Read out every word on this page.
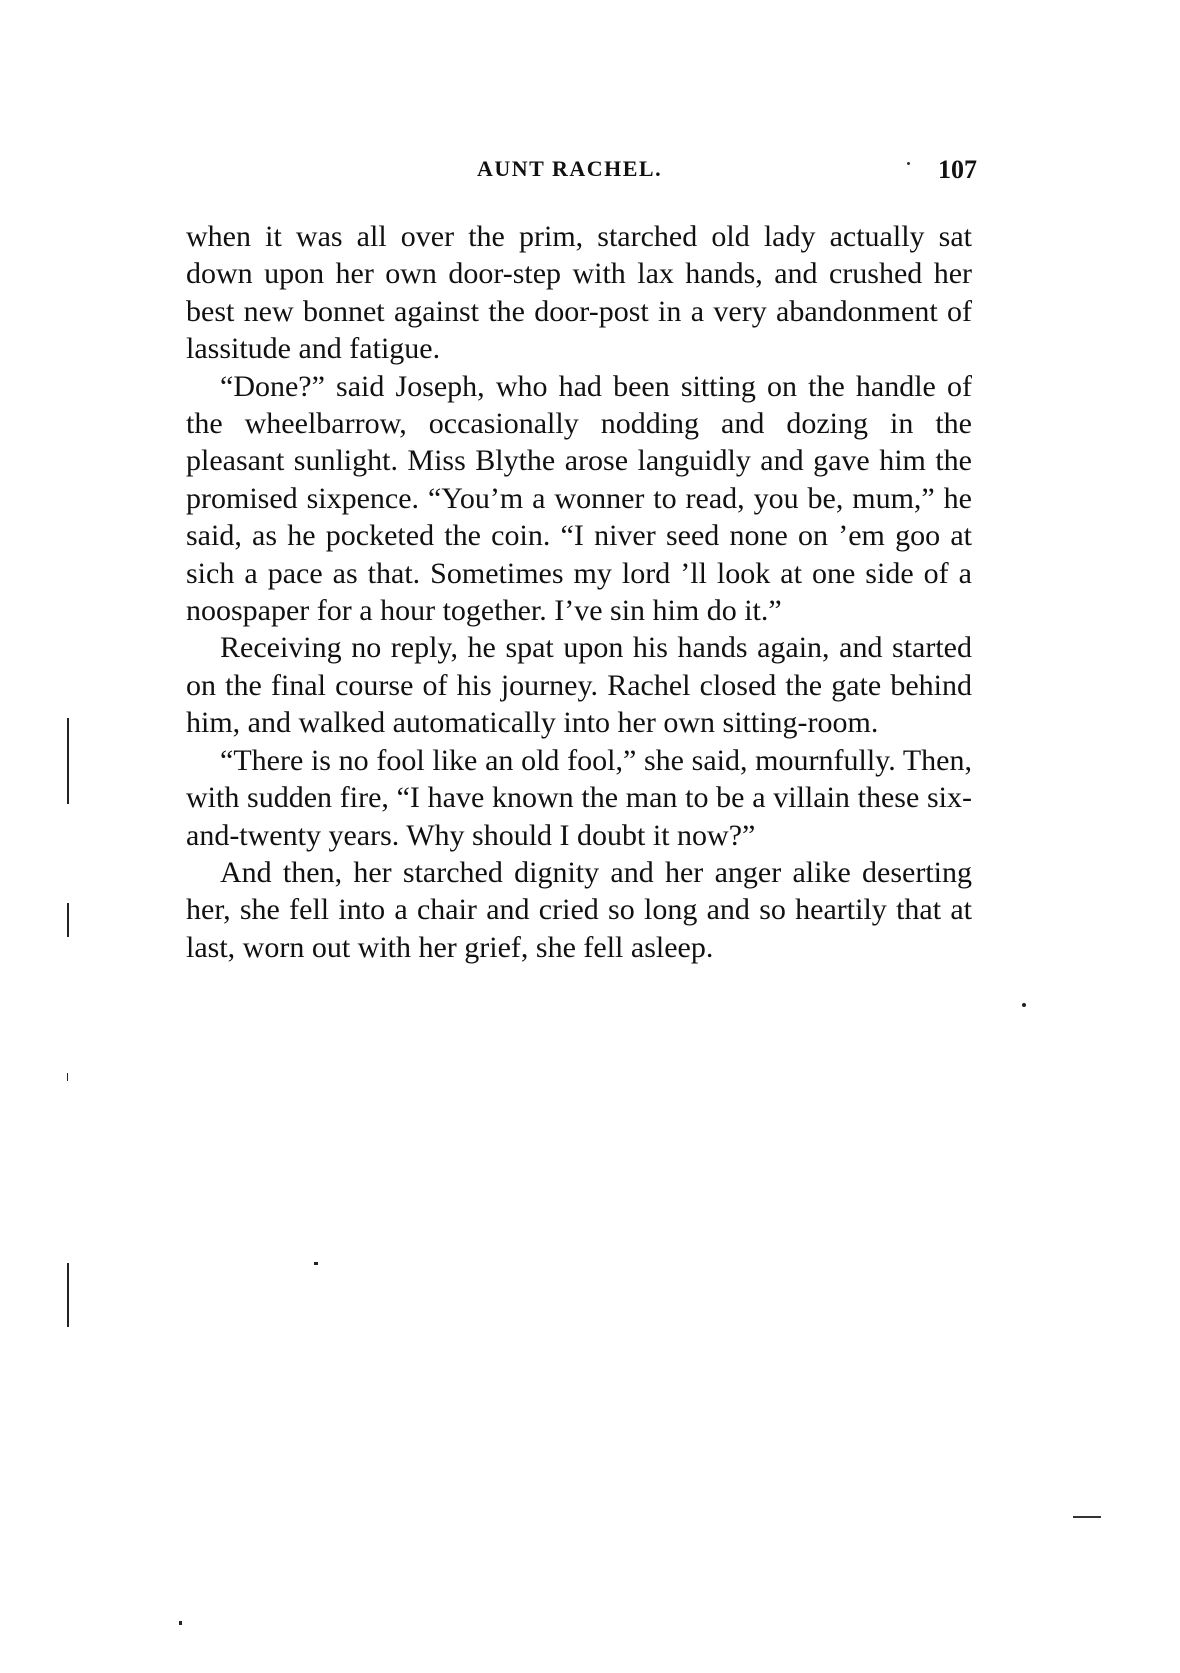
AUNT RACHEL.	107

when it was all over the prim, starched old lady actually sat down upon her own door-step with lax hands, and crushed her best new bonnet against the door-post in a very abandonment of lassitude and fatigue.

“Done?” said Joseph, who had been sitting on the handle of the wheelbarrow, occasionally nodding and dozing in the pleasant sunlight. Miss Blythe arose languidly and gave him the promised sixpence. “You’m a wonner to read, you be, mum,” he said, as he pocketed the coin. “I niver seed none on ’em goo at sich a pace as that. Sometimes my lord ’ll look at one side of a noospaper for a hour together. I’ve sin him do it.”

Receiving no reply, he spat upon his hands again, and started on the final course of his journey. Rachel closed the gate behind him, and walked automatically into her own sitting-room.

“There is no fool like an old fool,” she said, mournfully. Then, with sudden fire, “I have known the man to be a villain these six-and-twenty years. Why should I doubt it now?”

And then, her starched dignity and her anger alike deserting her, she fell into a chair and cried so long and so heartily that at last, worn out with her grief, she fell asleep.
